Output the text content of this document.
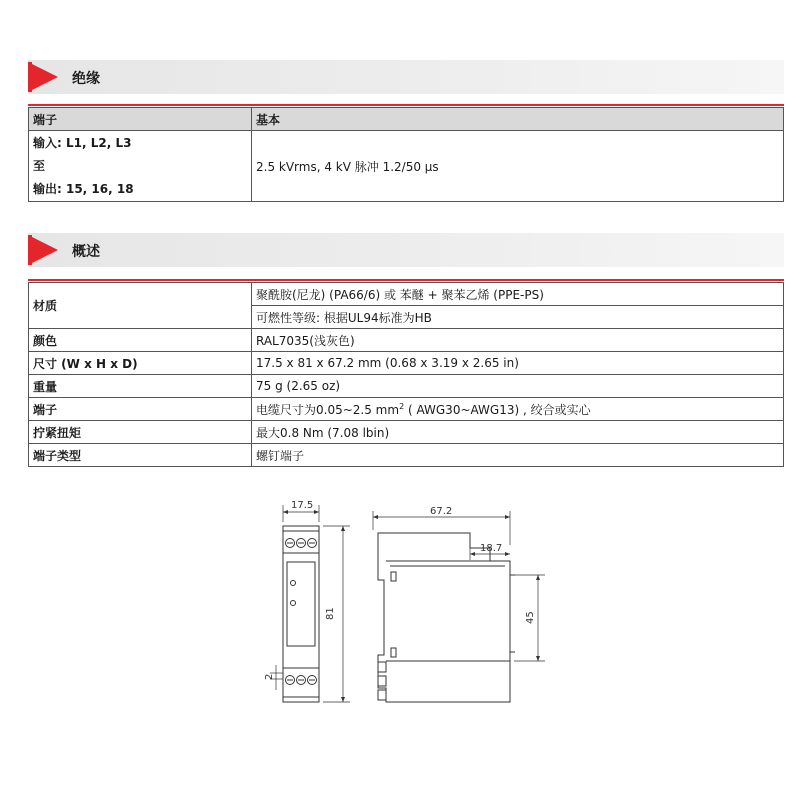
绝缘
端子	基本

输入: L1, L2, L3
至
输出: 15, 16, 18	2.5 kVrms, 4 kV 脉冲 1.2/50 µs
概述
材质	聚酰胺(尼龙) (PA66/6) 或 苯醚 + 聚苯乙烯 (PPE-PS)
	可燃性等级: 根据UL94标准为HB
颜色	RAL7035(浅灰色)
尺寸 (W x H x D)	17.5 x 81 x 67.2 mm (0.68 x 3.19 x 2.65 in)
重量	75 g (2.65 oz)
端子	电缆尺寸为0.05~2.5 $mm^2$ ( AWG30~AWG13) , 绞合或实心
拧紧扭矩	最大0.8 Nm (7.08 lbin)
端子类型	螺钉端子
17.5
81
2
67.2
18.7
45
